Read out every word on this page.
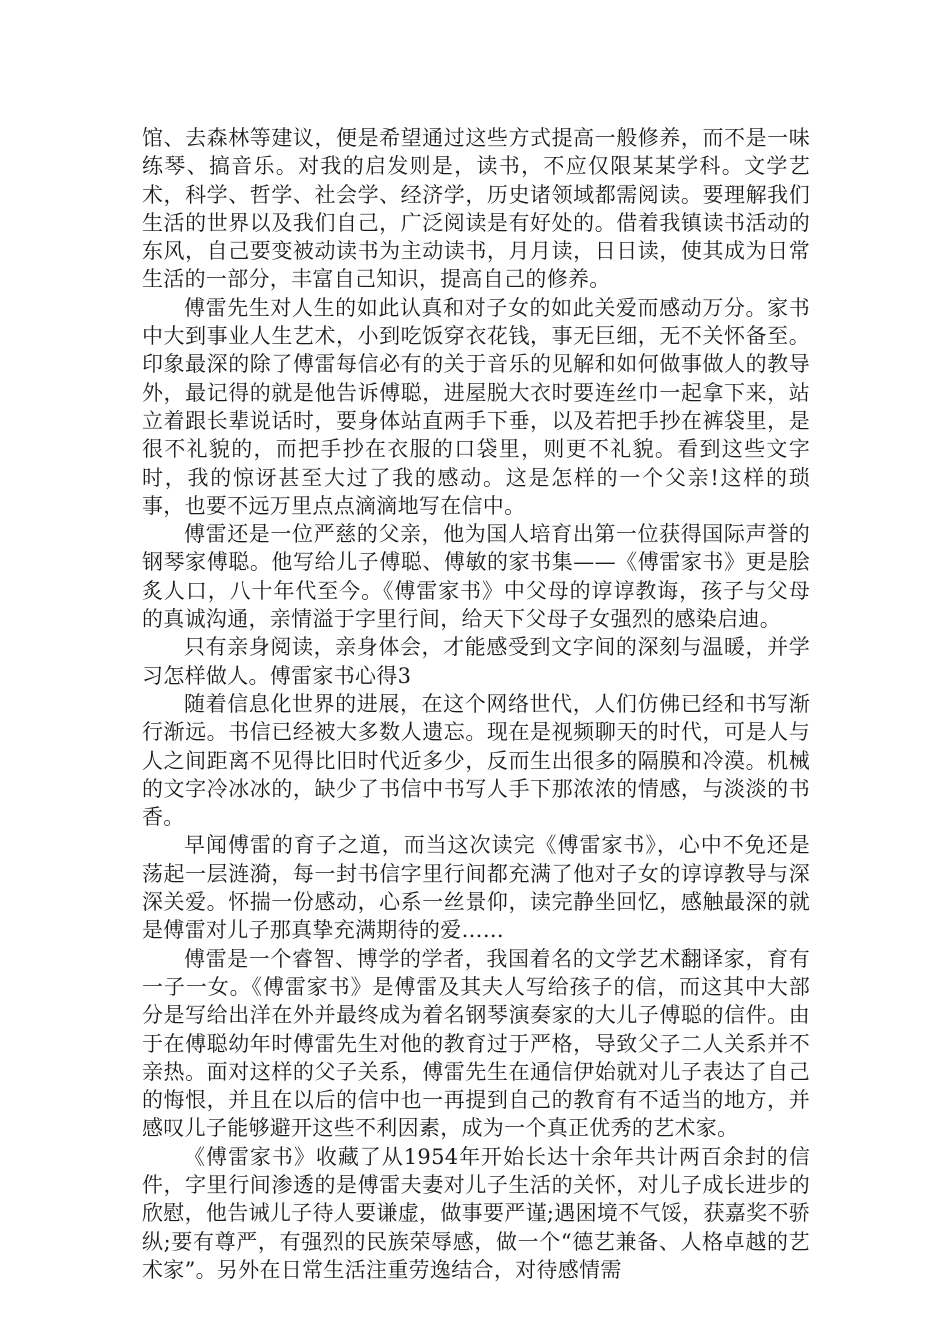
馆、去森林等建议，便是希望通过这些方式提高一般修养，而不是一味练琴、搞音乐。对我的启发则是，读书，不应仅限某某学科。文学艺术，科学、哲学、社会学、经济学，历史诸领域都需阅读。要理解我们生活的世界以及我们自己，广泛阅读是有好处的。借着我镇读书活动的东风，自己要变被动读书为主动读书，月月读，日日读，使其成为日常生活的一部分，丰富自己知识，提高自己的修养。

傅雷先生对人生的如此认真和对子女的如此关爱而感动万分。家书中大到事业人生艺术，小到吃饭穿衣花钱，事无巨细，无不关怀备至。印象最深的除了傅雷每信必有的关于音乐的见解和如何做事做人的教导外，最记得的就是他告诉傅聪，进屋脱大衣时要连丝巾一起拿下来，站立着跟长辈说话时，要身体站直两手下垂，以及若把手抄在裤袋里，是很不礼貌的，而把手抄在衣服的口袋里，则更不礼貌。看到这些文字时，我的惊讶甚至大过了我的感动。这是怎样的一个父亲!这样的琐事，也要不远万里点点滴滴地写在信中。

傅雷还是一位严慈的父亲，他为国人培育出第一位获得国际声誉的钢琴家傅聪。他写给儿子傅聪、傅敏的家书集——《傅雷家书》更是脍炙人口，八十年代至今。《傅雷家书》中父母的谆谆教诲，孩子与父母的真诚沟通，亲情溢于字里行间，给天下父母子女强烈的感染启迪。

只有亲身阅读，亲身体会，才能感受到文字间的深刻与温暖，并学习怎样做人。傅雷家书心得3

随着信息化世界的进展，在这个网络世代，人们仿佛已经和书写渐行渐远。书信已经被大多数人遗忘。现在是视频聊天的时代，可是人与人之间距离不见得比旧时代近多少，反而生出很多的隔膜和冷漠。机械的文字冷冰冰的，缺少了书信中书写人手下那浓浓的情感，与淡淡的书香。

早闻傅雷的育子之道，而当这次读完《傅雷家书》，心中不免还是荡起一层涟漪，每一封书信字里行间都充满了他对子女的谆谆教导与深深关爱。怀揣一份感动，心系一丝景仰，读完静坐回忆，感触最深的就是傅雷对儿子那真挚充满期待的爱……

傅雷是一个睿智、博学的学者，我国着名的文学艺术翻译家，育有一子一女。《傅雷家书》是傅雷及其夫人写给孩子的信，而这其中大部分是写给出洋在外并最终成为着名钢琴演奏家的大儿子傅聪的信件。由于在傅聪幼年时傅雷先生对他的教育过于严格，导致父子二人关系并不亲热。面对这样的父子关系，傅雷先生在通信伊始就对儿子表达了自己的悔恨，并且在以后的信中也一再提到自己的教育有不适当的地方，并感叹儿子能够避开这些不利因素，成为一个真正优秀的艺术家。

《傅雷家书》收藏了从1954年开始长达十余年共计两百余封的信件，字里行间渗透的是傅雷夫妻对儿子生活的关怀，对儿子成长进步的欣慰，他告诫儿子待人要谦虚，做事要严谨;遇困境不气馁，获嘉奖不骄纵;要有尊严，有强烈的民族荣辱感，做一个“德艺兼备、人格卓越的艺术家”。另外在日常生活注重劳逸结合，对待感情需
